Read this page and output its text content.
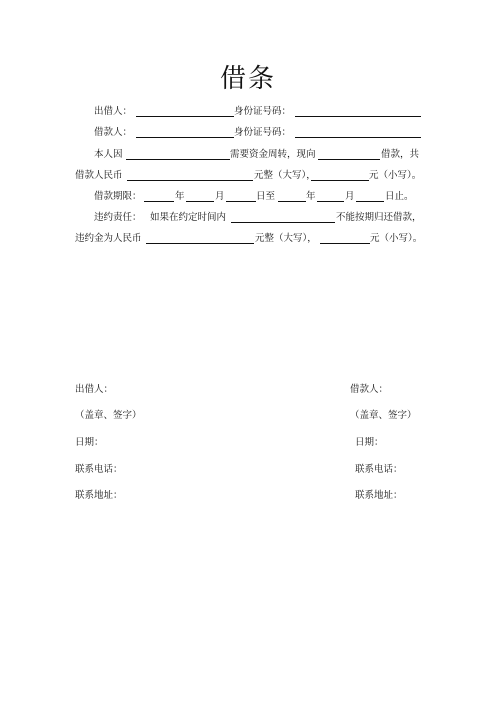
借条
出借人：	身份证号码：
借款人：	身份证号码：
本人因	需要资金周转，现向	借款，共
借款人民币	元整（大写），	元（小写）。
借款期限：	年	月	日至	年	月	日止。
违约责任： 如果在约定时间内	不能按期归还借款，
违约金为人民币	元整（大写），	元（小写）。
出借人：	借款人：
（盖章、签字）	（盖章、签字）
日期：	日期：
联系电话：	联系电话：
联系地址：	联系地址：
